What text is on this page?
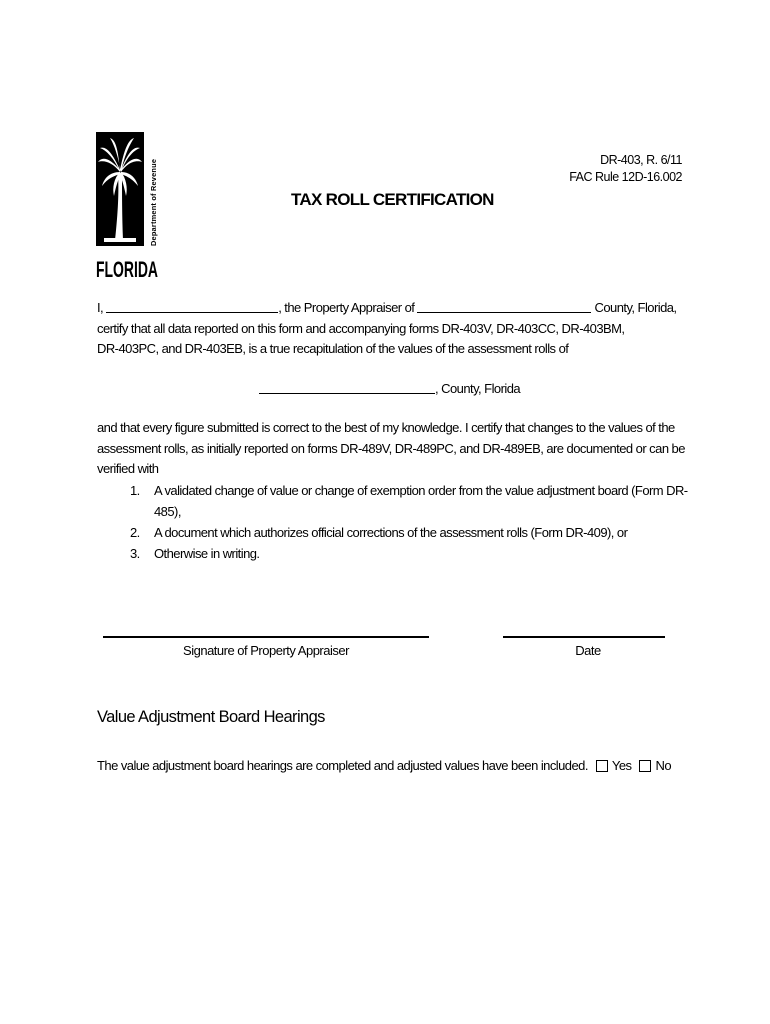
Department of Revenue
FLORIDA
DR-403, R. 6/11
FAC Rule 12D-16.002
TAX ROLL CERTIFICATION
I,	, the Property Appraiser of	County, Florida,
certify that all data reported on this form and accompanying forms DR-403V, DR-403CC, DR-403BM,
DR-403PC, and DR-403EB, is a true recapitulation of the values of the assessment rolls of
, County, Florida
and that every figure submitted is correct to the best of my knowledge. I certify that changes to the values of the
assessment rolls, as initially reported on forms DR-489V, DR-489PC, and DR-489EB, are documented or can be
verified with
1.	A validated change of value or change of exemption order from the value adjustment board (Form DR-
485),
2.	A document which authorizes official corrections of the assessment rolls (Form DR-409), or
3.	Otherwise in writing.
Signature of Property Appraiser	Date
Value Adjustment Board Hearings
The value adjustment board hearings are completed and adjusted values have been included. Yes No
